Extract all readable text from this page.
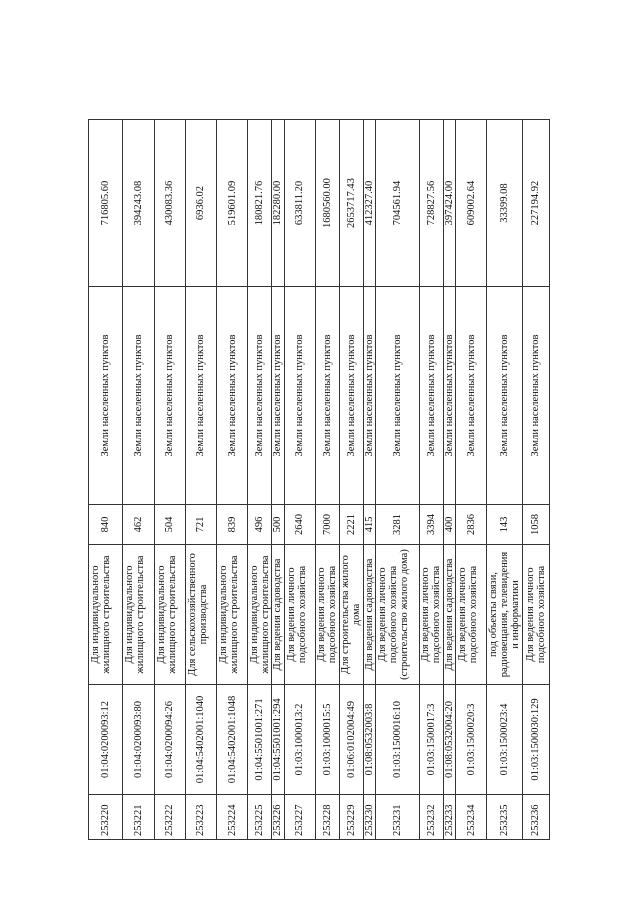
253220	01:04:0200093:12	Для индивидуального жилищного строительства	840	Земли населенных пунктов	716805.60
253221	01:04:0200093:80	Для индивидуального жилищного строительства	462	Земли населенных пунктов	394243.08
253222	01:04:0200094:26	Для индивидуального жилищного строительства	504	Земли населенных пунктов	430083.36
253223	01:04:5402001:1040	Для сельскохозяйственного производства	721	Земли населенных пунктов	6936.02
253224	01:04:5402001:1048	Для индивидуального жилищного строительства	839	Земли населенных пунктов	519601.09
253225	01:04:5501001:271	Для индивидуального жилищного строительства	496	Земли населенных пунктов	180821.76
253226	01:04:5501001:294	Для ведения садоводства	500	Земли населенных пунктов	182280.00
253227	01:03:1000013:2	Для ведения личного подсобного хозяйства	2640	Земли населенных пунктов	633811.20
253228	01:03:1000015:5	Для ведения личного подсобного хозяйства	7000	Земли населенных пунктов	1680560.00
253229	01:06:0102004:49	Для строительства жилого дома	2221	Земли населенных пунктов	2653717.43
253230	01:08:0532003:8	Для ведения садоводства	415	Земли населенных пунктов	412327.40
253231	01:03:1500016:10	Для ведения личного подсобного хозяйства (строительство жилого дома)	3281	Земли населенных пунктов	704561.94
253232	01:03:1500017:3	Для ведения личного подсобного хозяйства	3394	Земли населенных пунктов	728827.56
253233	01:08:0532004:20	Для ведения садоводства	400	Земли населенных пунктов	397424.00
253234	01:03:1500020:3	Для ведения личного подсобного хозяйства	2836	Земли населенных пунктов	609002.64
253235	01:03:1500023:4	под объекты связи, радиовещания, телевидения и информатики	143	Земли населенных пунктов	33399.08
253236	01:03:1500030:129	Для ведения личного подсобного хозяйства	1058	Земли населенных пунктов	227194.92
